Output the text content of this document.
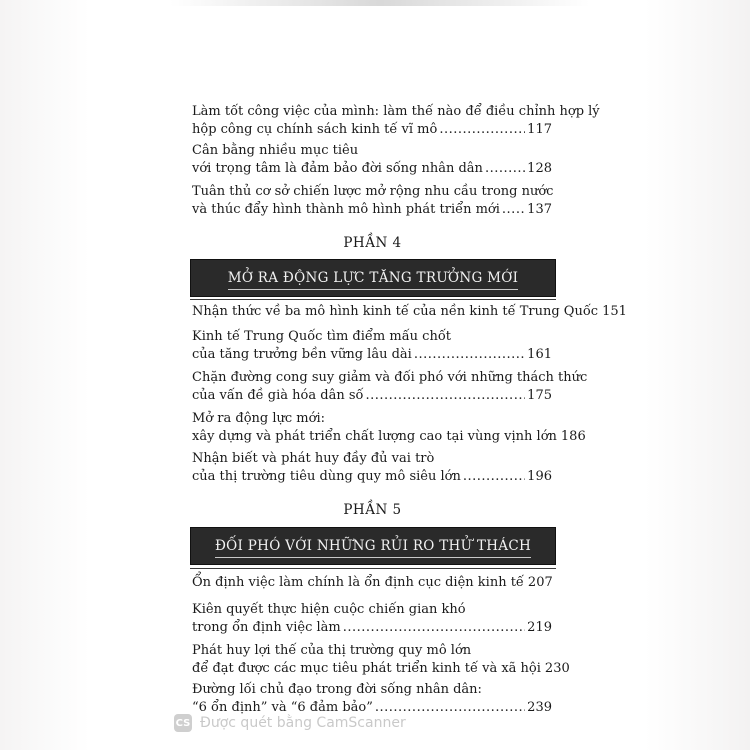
Làm tốt công việc của mình: làm thế nào để điều chỉnh hợp lý
hộp công cụ chính sách kinh tế vĩ mô .....	117
Cân bằng nhiều mục tiêu
với trọng tâm là đảm bảo đời sống nhân dân .....	128
Tuân thủ cơ sở chiến lược mở rộng nhu cầu trong nước
và thúc đẩy hình thành mô hình phát triển mới ..... 137
PHẦN 4
MỞ RA ĐỘNG LỰC TĂNG TRƯỞNG MỚI
Nhận thức về ba mô hình kinh tế của nền kinh tế Trung Quốc 151
Kinh tế Trung Quốc tìm điểm mấu chốt
của tăng trưởng bền vững lâu dài .....	161
Chặn đường cong suy giảm và đối phó với những thách thức
của vấn đề già hóa dân số .....	175
Mở ra động lực mới:
xây dựng và phát triển chất lượng cao tại vùng vịnh lớn 186
Nhận biết và phát huy đầy đủ vai trò
của thị trường tiêu dùng quy mô siêu lớn .....	196
PHẦN 5
ĐỐI PHÓ VỚI NHỮNG RỦI RO THỬ THÁCH
Ổn định việc làm chính là ổn định cục diện kinh tế 207
Kiên quyết thực hiện cuộc chiến gian khó
trong ổn định việc làm .....	219
Phát huy lợi thế của thị trường quy mô lớn
để đạt được các mục tiêu phát triển kinh tế và xã hội 230
Đường lối chủ đạo trong đời sống nhân dân:
“6 ổn định” và “6 đảm bảo” .....	239
CS Được quét bằng CamScanner
